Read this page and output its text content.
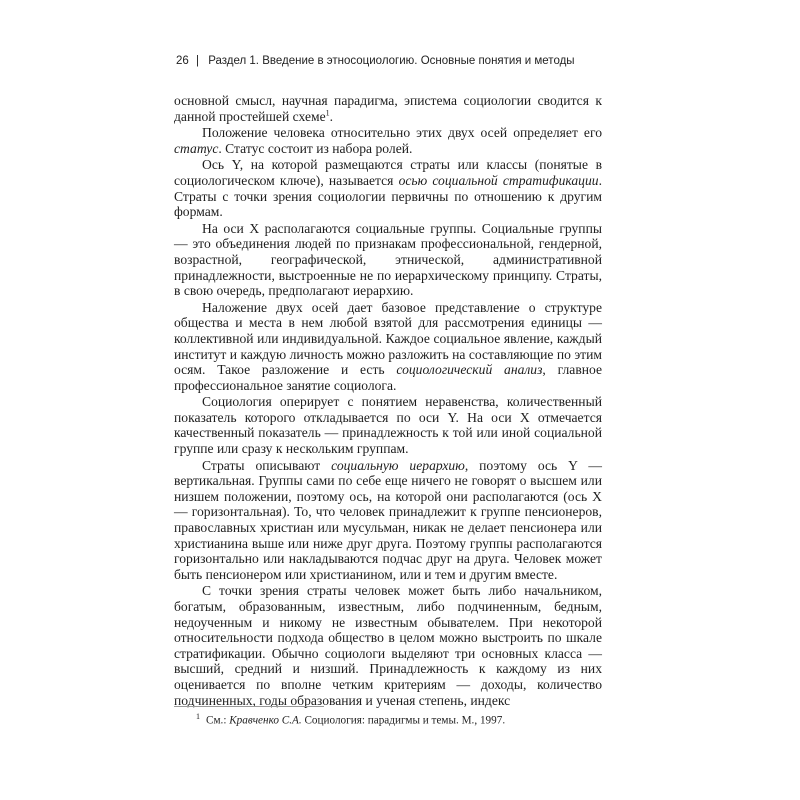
26 | Раздел 1. Введение в этносоциологию. Основные понятия и методы

основной смысл, научная парадигма, эпистема социологии сводится к данной простейшей схеме$^1$.

Положение человека относительно этих двух осей определяет его статус. Статус состоит из набора ролей.

Ось Y, на которой размещаются страты или классы (понятые в социологическом ключе), называется осью социальной стратификации. Страты с точки зрения социологии первичны по отношению к другим формам.

На оси X располагаются социальные группы. Социальные группы — это объединения людей по признакам профессиональной, гендерной, возрастной, географической, этнической, административной принадлежности, выстроенные не по иерархическому принципу. Страты, в свою очередь, предполагают иерархию.

Наложение двух осей дает базовое представление о структуре общества и места в нем любой взятой для рассмотрения единицы — коллективной или индивидуальной. Каждое социальное явление, каждый институт и каждую личность можно разложить на составляющие по этим осям. Такое разложение и есть социологический анализ, главное профессиональное занятие социолога.

Социология оперирует с понятием неравенства, количественный показатель которого откладывается по оси Y. На оси X отмечается качественный показатель — принадлежность к той или иной социальной группе или сразу к нескольким группам.

Страты описывают социальную иерархию, поэтому ось Y — вертикальная. Группы сами по себе еще ничего не говорят о высшем или низшем положении, поэтому ось, на которой они располагаются (ось X — горизонтальная). То, что человек принадлежит к группе пенсионеров, православных христиан или мусульман, никак не делает пенсионера или христианина выше или ниже друг друга. Поэтому группы располагаются горизонтально или накладываются подчас друг на друга. Человек может быть пенсионером или христианином, или и тем и другим вместе.

С точки зрения страты человек может быть либо начальником, богатым, образованным, известным, либо подчиненным, бедным, недоученным и никому не известным обывателем. При некоторой относительности подхода общество в целом можно выстроить по шкале стратификации. Обычно социологи выделяют три основных класса — высший, средний и низший. Принадлежность к каждому из них оценивается по вполне четким критериям — доходы, количество подчиненных, годы образования и ученая степень, индекс

$^1$ См.: Кравченко С.А. Социология: парадигмы и темы. М., 1997.
